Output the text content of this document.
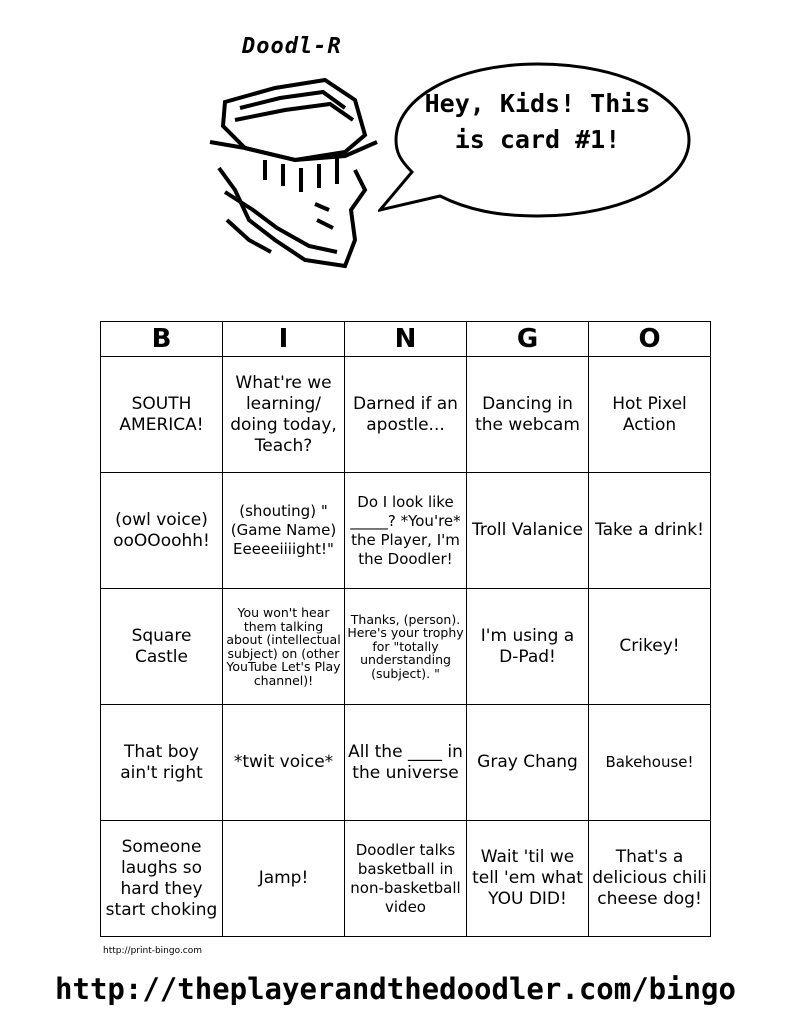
Doodl-R
Hey, Kids! This
is card #1!
B	I	N	G	O
SOUTH AMERICA!	What're we learning/ doing today, Teach?	Darned if an apostle...	Dancing in the webcam	Hot Pixel Action
(owl voice) ooOOoohh!	(shouting) "(Game Name) Eeeeeiiiight!"	Do I look like _____? *You're* the Player, I'm the Doodler!	Troll Valanice	Take a drink!
Square Castle	You won't hear them talking about (intellectual subject) on (other YouTube Let's Play channel)!	Thanks, (person). Here's your trophy for "totally understanding (subject). "	I'm using a D-Pad!	Crikey!
That boy ain't right	*twit voice*	All the ____ in the universe	Gray Chang	Bakehouse!
Someone laughs so hard they start choking	Jamp!	Doodler talks basketball in non-basketball video	Wait 'til we tell 'em what YOU DID!	That's a delicious chili cheese dog!
http://print-bingo.com
http://theplayerandthedoodler.com/bingo
